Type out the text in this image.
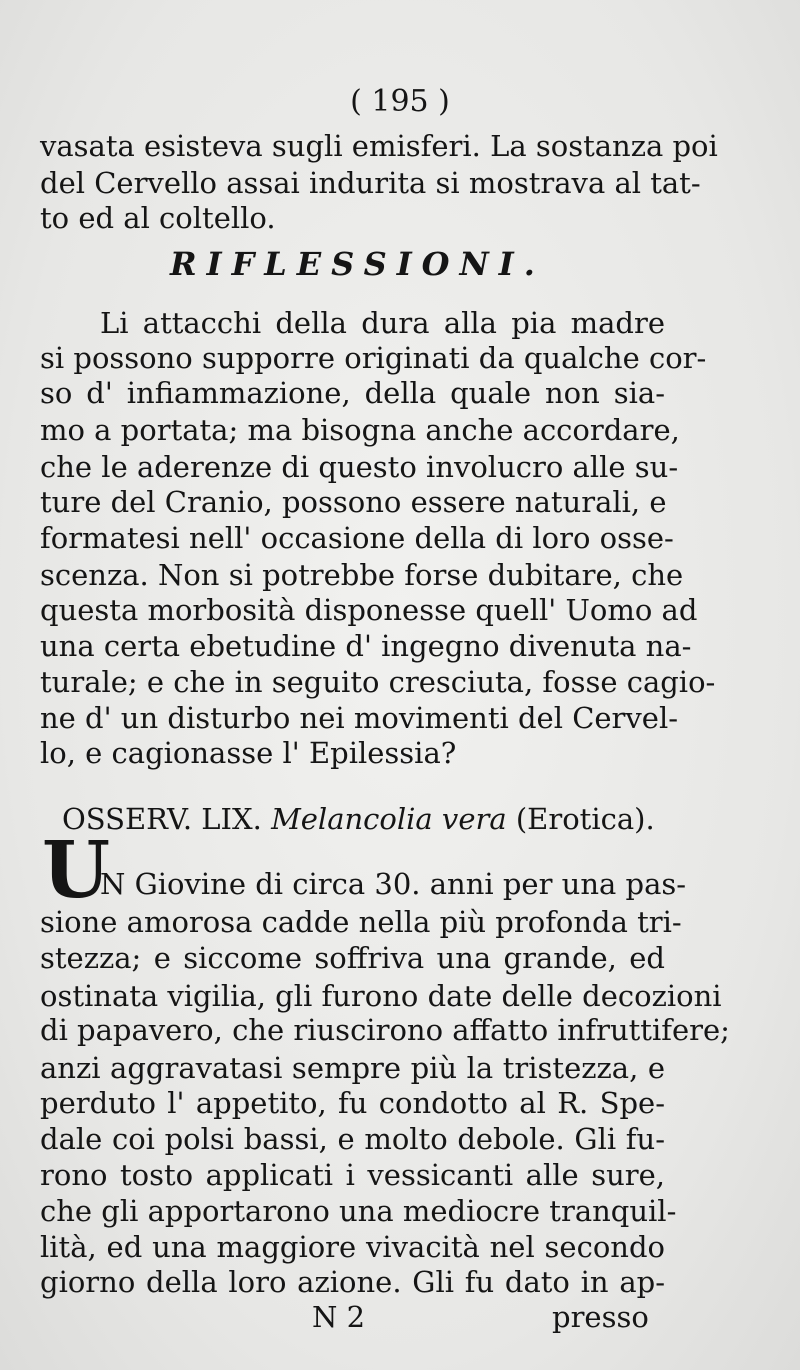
( 195 )
vasata esisteva sugli emisferi. La sostanza poi
del Cervello assai indurita si mostrava al tat-
to ed al coltello.
RIFLESSIONI.
Li attacchi della dura alla pia madre
si possono supporre originati da qualche cor-
so d' infiammazione, della quale non sia-
mo a portata; ma bisogna anche accordare,
che le aderenze di questo involucro alle su-
ture del Cranio, possono essere naturali, e
formatesi nell' occasione della di loro osse-
scenza. Non si potrebbe forse dubitare, che
questa morbosità disponesse quell' Uomo ad
una certa ebetudine d' ingegno divenuta na-
turale; e che in seguito cresciuta, fosse cagio-
ne d' un disturbo nei movimenti del Cervel-
lo, e cagionasse l' Epilessia?
OSSERV. LIX. Melancolia vera (Erotica).
U
N Giovine di circa 30. anni per una pas-
sione amorosa cadde nella più profonda tri-
stezza; e siccome soffriva una grande, ed
ostinata vigilia, gli furono date delle decozioni
di papavero, che riuscirono affatto infruttifere;
anzi aggravatasi sempre più la tristezza, e
perduto l' appetito, fu condotto al R. Spe-
dale coi polsi bassi, e molto debole. Gli fu-
rono tosto applicati i vessicanti alle sure,
che gli apportarono una mediocre tranquil-
lità, ed una maggiore vivacità nel secondo
giorno della loro azione. Gli fu dato in ap-
N 2	presso
